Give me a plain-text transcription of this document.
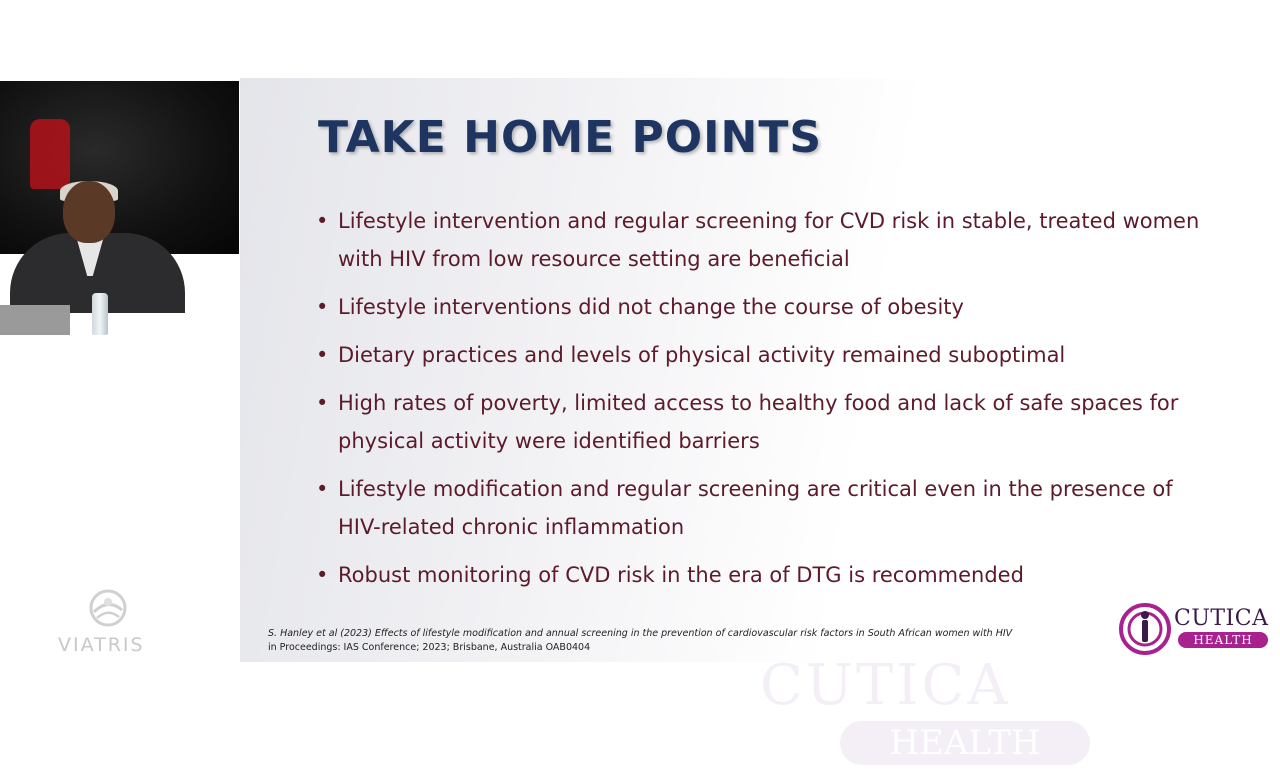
CUTICA
HEALTH
TAKE HOME POINTS
• Lifestyle intervention and regular screening for CVD risk in stable, treated women with HIV from low resource setting are beneficial
• Lifestyle interventions did not change the course of obesity
• Dietary practices and levels of physical activity remained suboptimal
• High rates of poverty, limited access to healthy food and lack of safe spaces for physical activity were identified barriers
• Lifestyle modification and regular screening are critical even in the presence of HIV-related chronic inflammation
• Robust monitoring of CVD risk in the era of DTG is recommended
S. Hanley et al (2023) Effects of lifestyle modification and annual screening in the prevention of cardiovascular risk factors in South African women with HIV
in Proceedings: IAS Conference; 2023; Brisbane, Australia OAB0404
VIATRIS
CUTICA
HEALTH
